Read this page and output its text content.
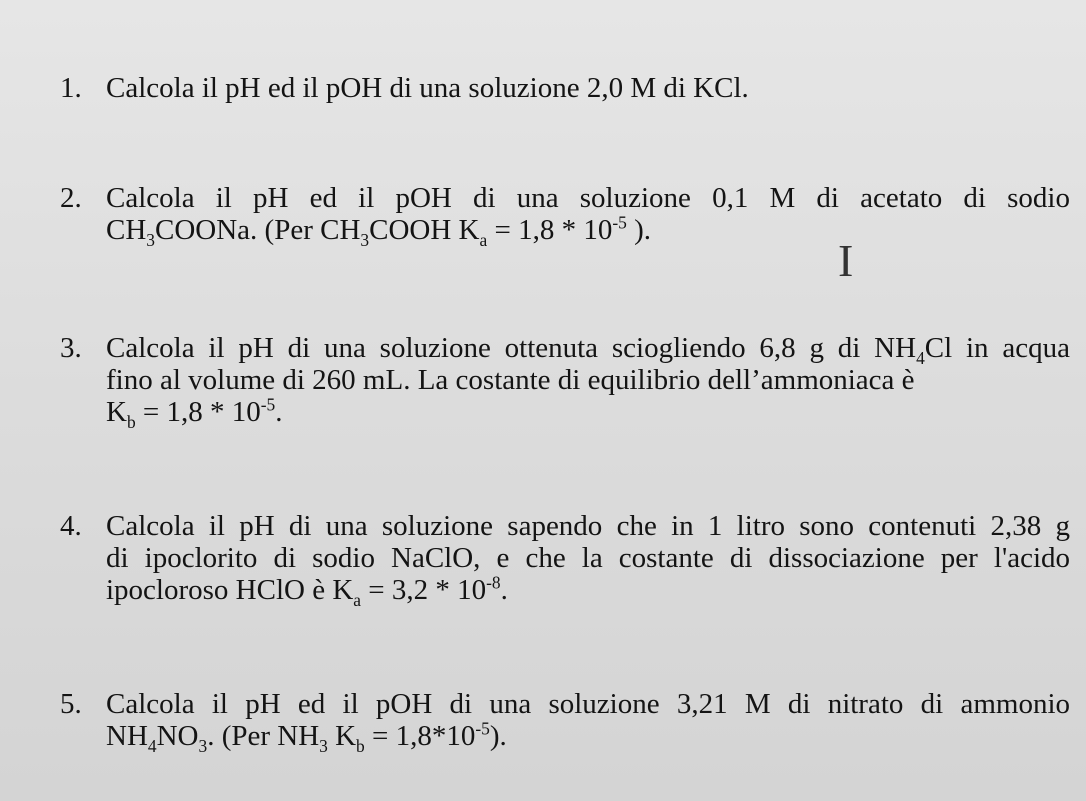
1. Calcola il pH ed il pOH di una soluzione 2,0 M di KCl.
2. Calcola il pH ed il pOH di una soluzione 0,1 M di acetato di sodio
$CH_3COONa$. (Per $CH_3COOH$ $K_a = 1,8 * 10^{-5}$ ).
3. Calcola il pH di una soluzione ottenuta sciogliendo 6,8 g di $NH_4Cl$ in acqua
fino al volume di 260 mL. La costante di equilibrio dell’ammoniaca è
$K_b = 1,8 * 10^{-5}$.
4. Calcola il pH di una soluzione sapendo che in 1 litro sono contenuti 2,38 g
di ipoclorito di sodio NaClO, e che la costante di dissociazione per l'acido
ipocloroso HClO è $K_a = 3,2 * 10^{-8}$.
5. Calcola il pH ed il pOH di una soluzione 3,21 M di nitrato di ammonio
$NH_4NO_3$. (Per $NH_3$ $K_b = 1,8*10^{-5}$).
I
